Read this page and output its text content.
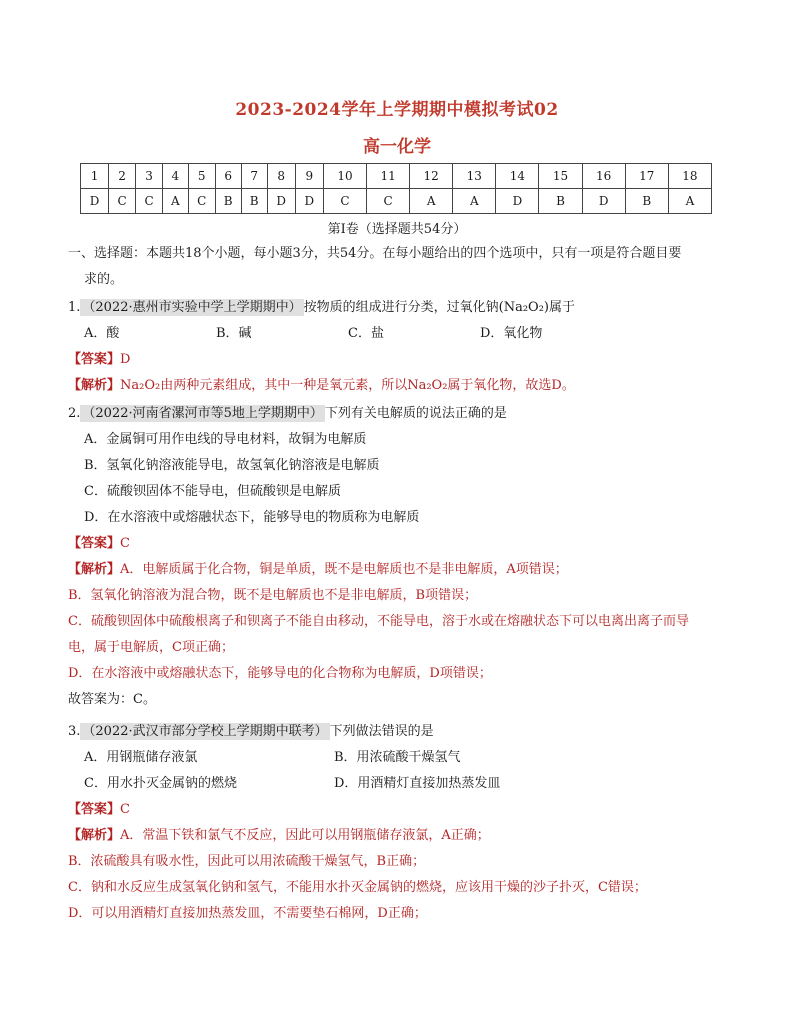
2023-2024学年上学期期中模拟考试02
高一化学
1	2	3	4	5	6	7	8	9	10	11	12	13	14	15	16	17	18
D	C	C	A	C	B	B	D	D	C	C	A	A	D	B	D	B	A
第Ⅰ卷（选择题共54分）
一、选择题：本题共18个小题，每小题3分，共54分。在每小题给出的四个选项中，只有一项是符合题目要
求的。
1. （2022·惠州市实验中学上学期期中） 按物质的组成进行分类，过氧化钠(Na₂O₂)属于
A．酸	B．碱	C．盐	D．氧化物
【答案】D
【解析】Na₂O₂由两种元素组成，其中一种是氧元素，所以Na₂O₂属于氧化物，故选D。
2. （2022·河南省漯河市等5地上学期期中） 下列有关电解质的说法正确的是
A．金属铜可用作电线的导电材料，故铜为电解质
B．氢氧化钠溶液能导电，故氢氧化钠溶液是电解质
C．硫酸钡固体不能导电，但硫酸钡是电解质
D．在水溶液中或熔融状态下，能够导电的物质称为电解质
【答案】C
【解析】A．电解质属于化合物，铜是单质，既不是电解质也不是非电解质，A项错误；
B．氢氧化钠溶液为混合物，既不是电解质也不是非电解质，B项错误；
C．硫酸钡固体中硫酸根离子和钡离子不能自由移动，不能导电，溶于水或在熔融状态下可以电离出离子而导
电，属于电解质，C项正确；
D．在水溶液中或熔融状态下，能够导电的化合物称为电解质，D项错误；
故答案为：C。
3. （2022·武汉市部分学校上学期期中联考） 下列做法错误的是
A．用钢瓶储存液氯	B．用浓硫酸干燥氢气
C．用水扑灭金属钠的燃烧	D．用酒精灯直接加热蒸发皿
【答案】C
【解析】A．常温下铁和氯气不反应，因此可以用钢瓶储存液氯，A正确；
B．浓硫酸具有吸水性，因此可以用浓硫酸干燥氢气，B正确；
C．钠和水反应生成氢氧化钠和氢气，不能用水扑灭金属钠的燃烧，应该用干燥的沙子扑灭，C错误；
D．可以用酒精灯直接加热蒸发皿，不需要垫石棉网，D正确；
